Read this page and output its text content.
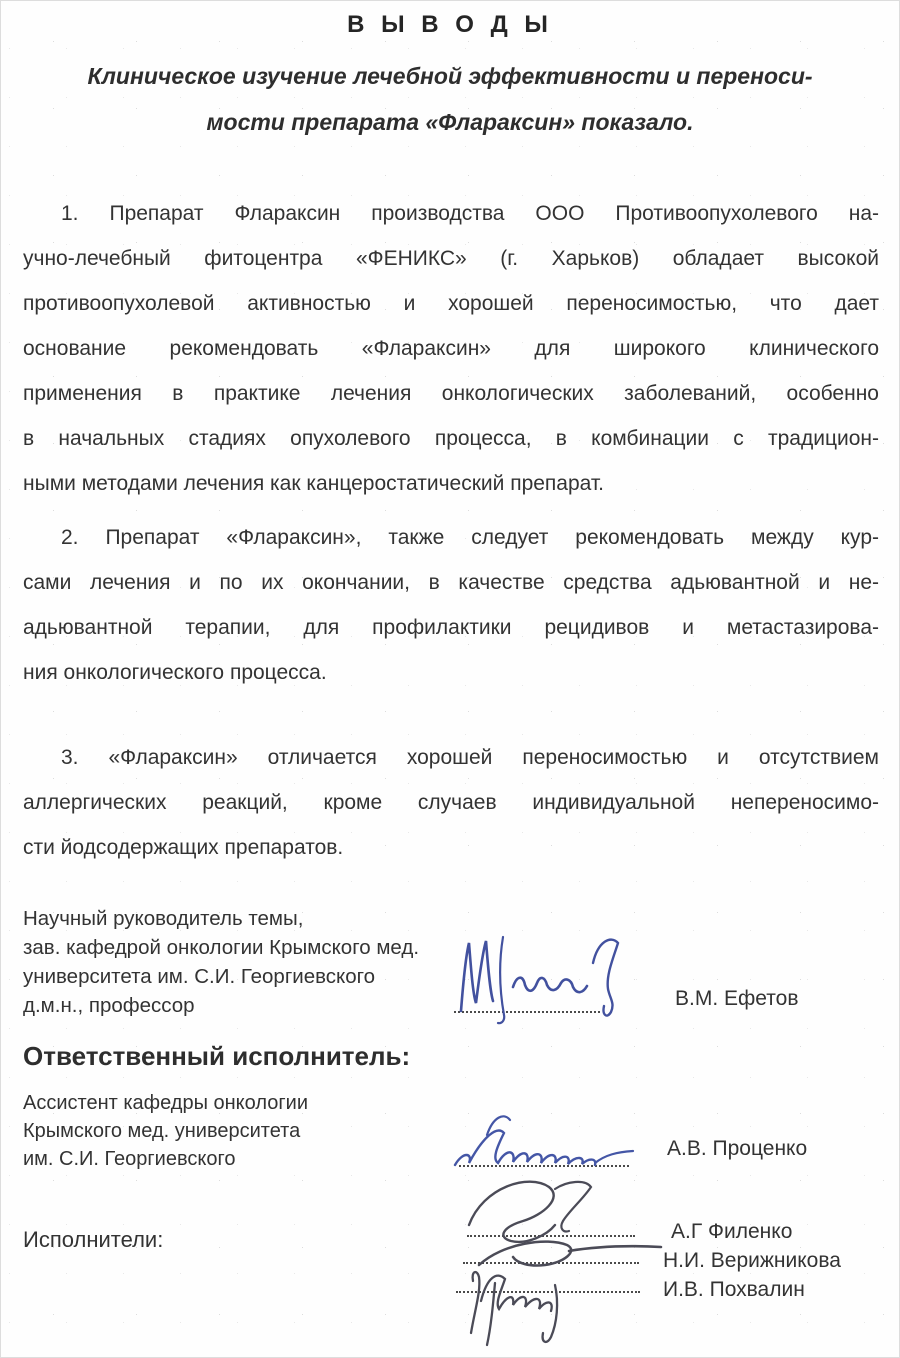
В Ы В О Д Ы
Клиническое изучение лечебной эффективности и переноси-
мости препарата «Флараксин» показало.
1. Препарат Флараксин производства ООО Противоопухолевого на-
учно-лечебный фитоцентра «ФЕНИКС» (г. Харьков) обладает высокой
противоопухолевой активностью и хорошей переносимостью, что дает
основание рекомендовать «Флараксин» для широкого клинического
применения в практике лечения онкологических заболеваний, особенно
в начальных стадиях опухолевого процесса, в комбинации с традицион-
ными методами лечения как канцеростатический препарат.
2. Препарат «Флараксин», также следует рекомендовать между кур-
сами лечения и по их окончании, в качестве средства адьювантной и не-
адьювантной терапии, для профилактики рецидивов и метастазирова-
ния онкологического процесса.
3. «Флараксин» отличается хорошей переносимостью и отсутствием
аллергических реакций, кроме случаев индивидуальной непереносимо-
сти йодсодержащих препаратов.
Научный руководитель темы,
зав. кафедрой онкологии Крымского мед.
университета им. С.И. Георгиевского
д.м.н., профессор	В.М. Ефетов
Ответственный исполнитель:
Ассистент кафедры онкологии
Крымского мед. университета
им. С.И. Георгиевского	А.В. Проценко
Исполнители:	А.Г Филенко
Н.И. Верижникова
И.В. Похвалин
